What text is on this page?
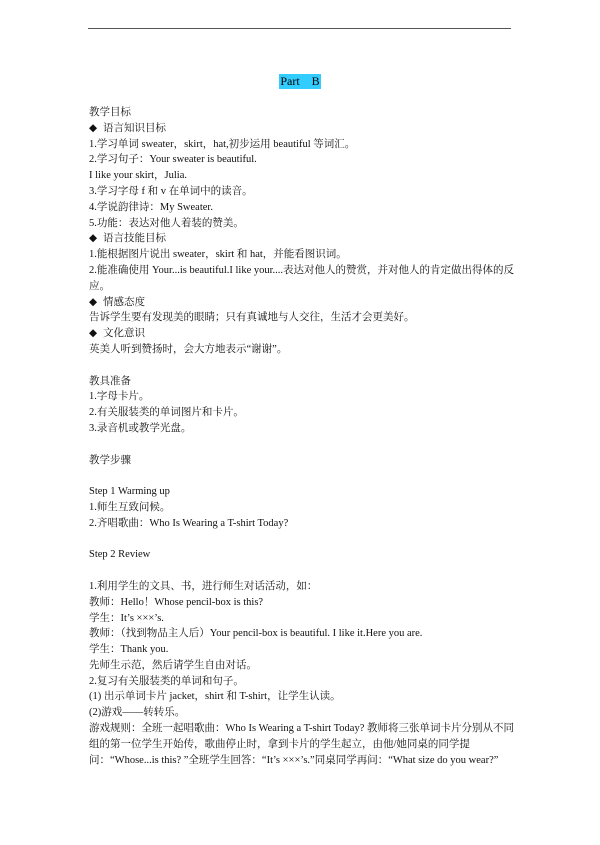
Part    B
教学目标
◆ 语言知识目标
1.学习单词 sweater，skirt，hat,初步运用 beautiful 等词汇。
2.学习句子：Your sweater is beautiful.
I like your skirt，Julia.
3.学习字母 f 和 v 在单词中的读音。
4.学说韵律诗：My Sweater.
5.功能：表达对他人着装的赞美。
◆ 语言技能目标
1.能根据图片说出 sweater，skirt 和 hat，并能看图识词。
2.能准确使用 Your...is beautiful.I like your....表达对他人的赞赏，并对他人的肯定做出得体的反应。
◆ 情感态度
告诉学生要有发现美的眼睛；只有真诚地与人交往，生活才会更美好。
◆ 文化意识
英美人听到赞扬时，会大方地表示“谢谢”。
教具准备
1.字母卡片。
2.有关服装类的单词图片和卡片。
3.录音机或教学光盘。
教学步骤
Step 1 Warming up
1.师生互致问候。
2.齐唱歌曲：Who Is Wearing a T-shirt Today?
Step 2 Review
1.利用学生的文具、书，进行师生对话活动，如：
教师：Hello！Whose pencil-box is this?
学生：It’s ×××’s.
教师：（找到物品主人后）Your pencil-box is beautiful. I like it.Here you are.
学生：Thank you.
先师生示范，然后请学生自由对话。
2.复习有关服装类的单词和句子。
(1) 出示单词卡片 jacket，shirt 和 T-shirt，让学生认读。
(2)游戏——转转乐。
游戏规则：全班一起唱歌曲：Who Is Wearing a T-shirt Today? 教师将三张单词卡片分别从不同组的第一位学生开始传，歌曲停止时，拿到卡片的学生起立，由他/她同桌的同学提问：“Whose...is this? ”全班学生回答：“It’s ×××’s.”同桌同学再问：“What size do you wear?”
